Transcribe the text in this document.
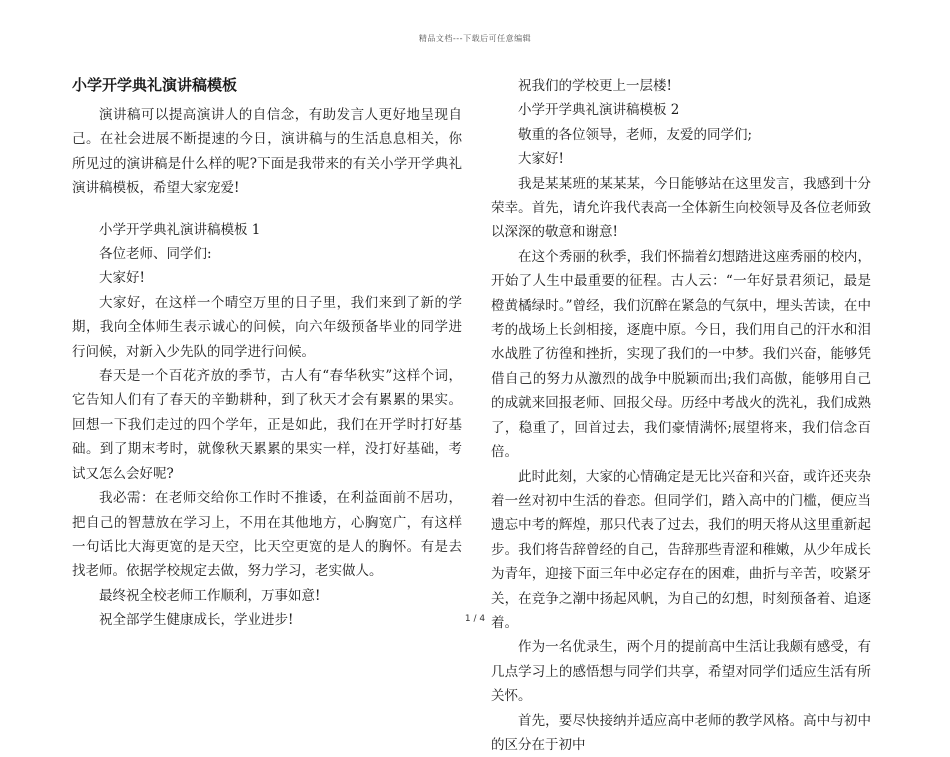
精品文档---下载后可任意编辑
小学开学典礼演讲稿模板

演讲稿可以提高演讲人的自信念，有助发言人更好地呈现自己。在社会进展不断提速的今日，演讲稿与的生活息息相关，你所见过的演讲稿是什么样的呢?下面是我带来的有关小学开学典礼演讲稿模板，希望大家宠爱!

小学开学典礼演讲稿模板 1

各位老师、同学们:

大家好!

大家好，在这样一个晴空万里的日子里，我们来到了新的学期，我向全体师生表示诚心的问候，向六年级预备毕业的同学进行问候，对新入少先队的同学进行问候。

春天是一个百花齐放的季节，古人有“春华秋实”这样个词，它告知人们有了春天的辛勤耕种，到了秋天才会有累累的果实。回想一下我们走过的四个学年，正是如此，我们在开学时打好基础。到了期末考时，就像秋天累累的果实一样，没打好基础，考试又怎么会好呢?

我必需：在老师交给你工作时不推诿，在利益面前不居功，把自己的智慧放在学习上，不用在其他地方，心胸宽广，有这样一句话比大海更宽的是天空，比天空更宽的是人的胸怀。有是去找老师。依据学校规定去做，努力学习，老实做人。

最终祝全校老师工作顺利，万事如意!

祝全部学生健康成长，学业进步!

祝我们的学校更上一层楼!

小学开学典礼演讲稿模板 2

敬重的各位领导，老师，友爱的同学们;

大家好!

我是某某班的某某某，今日能够站在这里发言，我感到十分荣幸。首先，请允许我代表高一全体新生向校领导及各位老师致以深深的敬意和谢意!

在这个秀丽的秋季，我们怀揣着幻想踏进这座秀丽的校内，开始了人生中最重要的征程。古人云：“一年好景君须记，最是橙黄橘绿时。”曾经，我们沉醉在紧急的气氛中，埋头苦读，在中考的战场上长剑相接，逐鹿中原。今日，我们用自己的汗水和泪水战胜了彷徨和挫折，实现了我们的一中梦。我们兴奋，能够凭借自己的努力从激烈的战争中脱颖而出;我们高傲，能够用自己的成就来回报老师、回报父母。历经中考战火的洗礼，我们成熟了，稳重了，回首过去，我们豪情满怀;展望将来，我们信念百倍。

此时此刻，大家的心情确定是无比兴奋和兴奋，或许还夹杂着一丝对初中生活的眷恋。但同学们，踏入高中的门槛，便应当遗忘中考的辉煌，那只代表了过去，我们的明天将从这里重新起步。我们将告辞曾经的自己，告辞那些青涩和稚嫩，从少年成长为青年，迎接下面三年中必定存在的困难，曲折与辛苦，咬紧牙关，在竞争之潮中扬起风帆，为自己的幻想，时刻预备着、追逐着。

作为一名优录生，两个月的提前高中生活让我颇有感受，有几点学习上的感悟想与同学们共享，希望对同学们适应生活有所关怀。

首先，要尽快接纳并适应高中老师的教学风格。高中与初中的区分在于初中

1 / 4
